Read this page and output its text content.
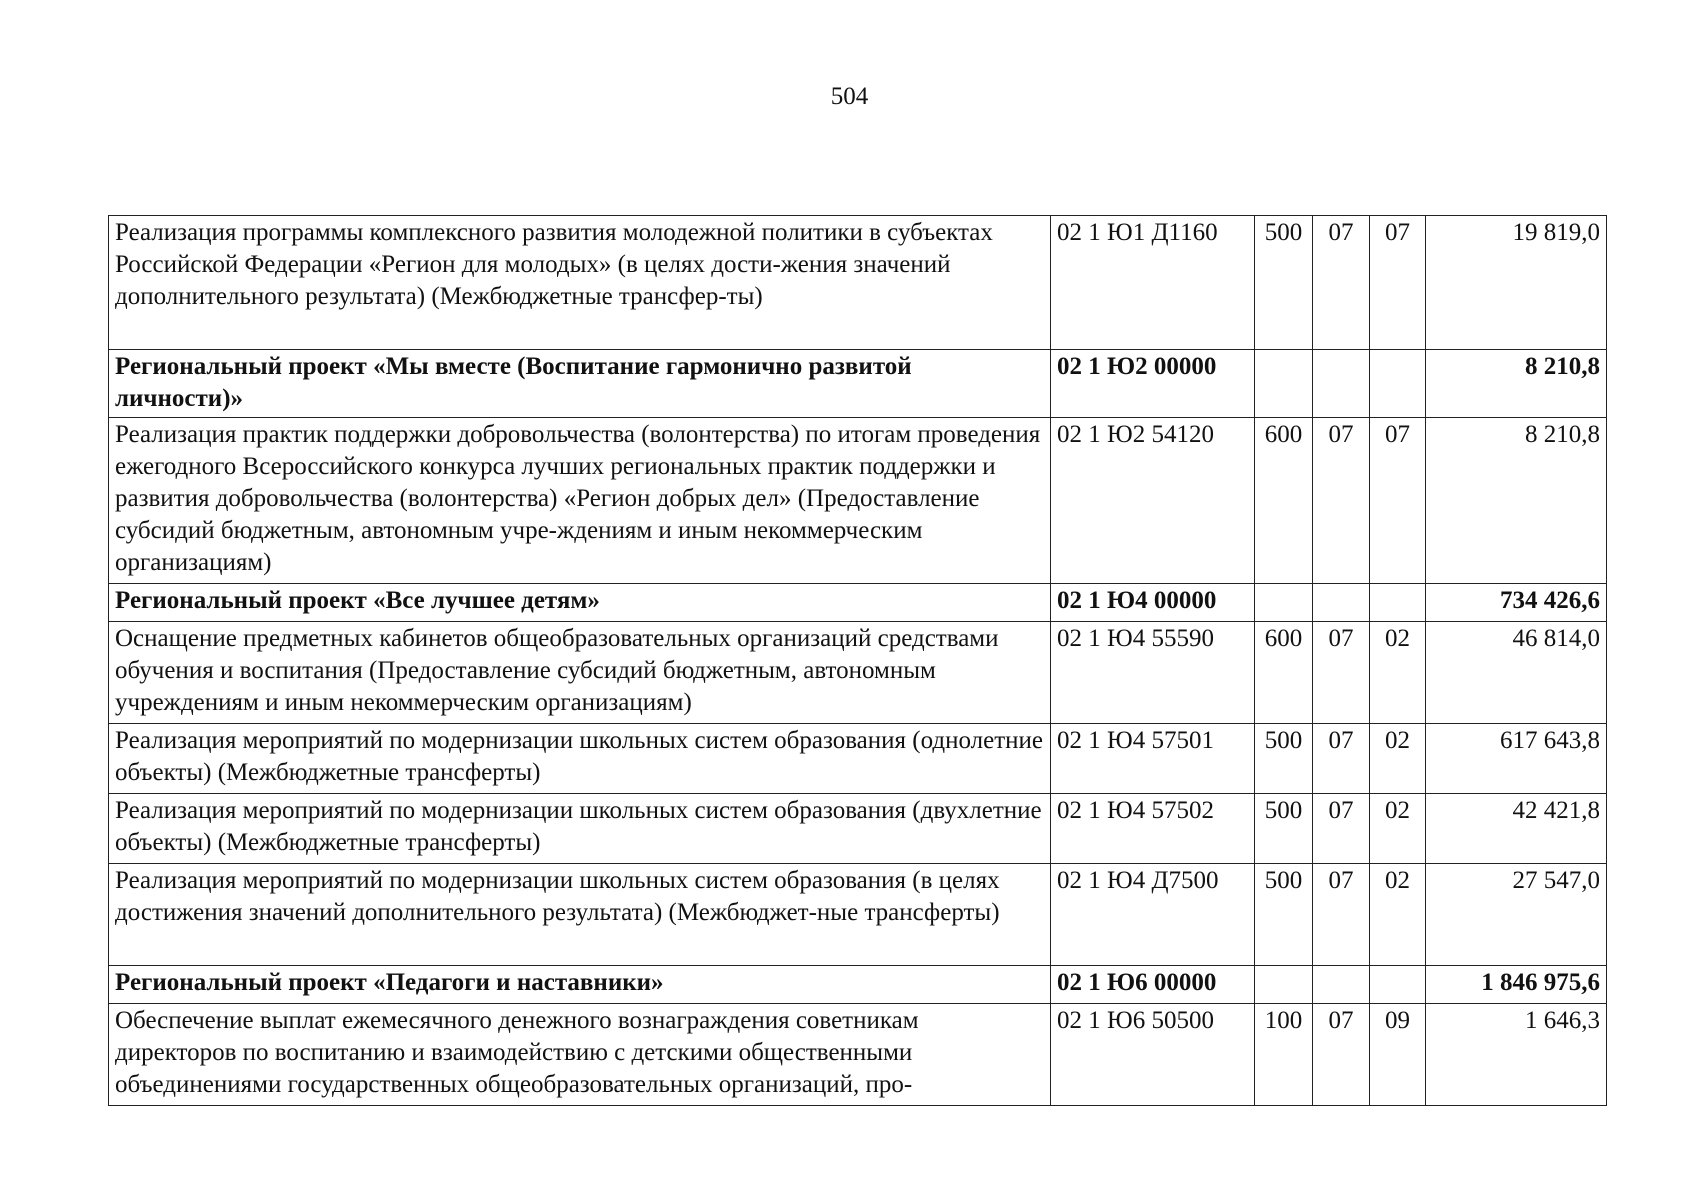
504
Реализация программы комплексного развития молодежной политики в субъектах Российской Федерации «Регион для молодых» (в целях дости-жения значений дополнительного результата) (Межбюджетные трансфер-ты)	02 1 Ю1 Д1160	500	07	07	19 819,0
Региональный проект «Мы вместе (Воспитание гармонично развитой личности)»	02 1 Ю2 00000				8 210,8
Реализация практик поддержки добровольчества (волонтерства) по итогам проведения ежегодного Всероссийского конкурса лучших региональных практик поддержки и развития добровольчества (волонтерства) «Регион добрых дел» (Предоставление субсидий бюджетным, автономным учре-ждениям и иным некоммерческим организациям)	02 1 Ю2 54120	600	07	07	8 210,8
Региональный проект «Все лучшее детям»	02 1 Ю4 00000				734 426,6
Оснащение предметных кабинетов общеобразовательных организаций средствами обучения и воспитания (Предоставление субсидий бюджетным, автономным учреждениям и иным некоммерческим организациям)	02 1 Ю4 55590	600	07	02	46 814,0
Реализация мероприятий по модернизации школьных систем образования (однолетние объекты) (Межбюджетные трансферты)	02 1 Ю4 57501	500	07	02	617 643,8
Реализация мероприятий по модернизации школьных систем образования (двухлетние объекты) (Межбюджетные трансферты)	02 1 Ю4 57502	500	07	02	42 421,8
Реализация мероприятий по модернизации школьных систем образования (в целях достижения значений дополнительного результата) (Межбюджет-ные трансферты)	02 1 Ю4 Д7500	500	07	02	27 547,0
Региональный проект «Педагоги и наставники»	02 1 Ю6 00000				1 846 975,6
Обеспечение выплат ежемесячного денежного вознаграждения советникам директоров по воспитанию и взаимодействию с детскими общественными объединениями государственных общеобразовательных организаций, про-	02 1 Ю6 50500	100	07	09	1 646,3
